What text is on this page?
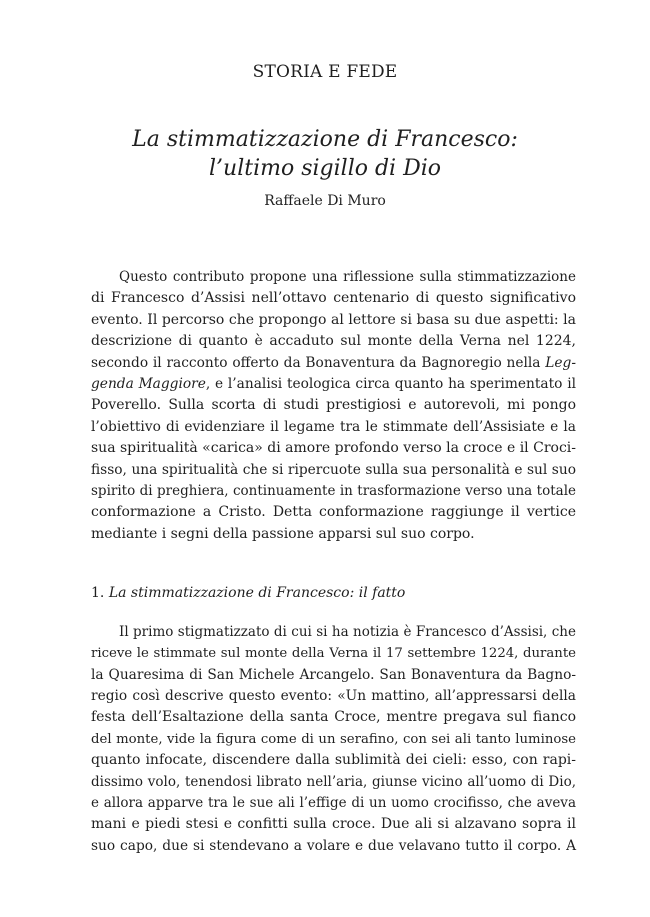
STORIA E FEDE
La stimmatizzazione di Francesco:
l’ultimo sigillo di Dio

Raffaele Di Muro

Questo contributo propone una riflessione sulla stimmatizzazione
di Francesco d’Assisi nell’ottavo centenario di questo significativo
evento. Il percorso che propongo al lettore si basa su due aspetti: la
descrizione di quanto è accaduto sul monte della Verna nel 1224,
secondo il racconto offerto da Bonaventura da Bagnoregio nella Leg-
genda Maggiore, e l’analisi teologica circa quanto ha sperimentato il
Poverello. Sulla scorta di studi prestigiosi e autorevoli, mi pongo
l’obiettivo di evidenziare il legame tra le stimmate dell’Assisiate e la
sua spiritualità «carica» di amore profondo verso la croce e il Croci-
fisso, una spiritualità che si ripercuote sulla sua personalità e sul suo
spirito di preghiera, continuamente in trasformazione verso una totale
conformazione a Cristo. Detta conformazione raggiunge il vertice
mediante i segni della passione apparsi sul suo corpo.
1. La stimmatizzazione di Francesco: il fatto
Il primo stigmatizzato di cui si ha notizia è Francesco d’Assisi, che
riceve le stimmate sul monte della Verna il 17 settembre 1224, durante
la Quaresima di San Michele Arcangelo. San Bonaventura da Bagno-
regio così descrive questo evento: «Un mattino, all’appressarsi della
festa dell’Esaltazione della santa Croce, mentre pregava sul fianco
del monte, vide la figura come di un serafino, con sei ali tanto luminose
quanto infocate, discendere dalla sublimità dei cieli: esso, con rapi-
dissimo volo, tenendosi librato nell’aria, giunse vicino all’uomo di Dio,
e allora apparve tra le sue ali l’effige di un uomo crocifisso, che aveva
mani e piedi stesi e confitti sulla croce. Due ali si alzavano sopra il
suo capo, due si stendevano a volare e due velavano tutto il corpo. A
